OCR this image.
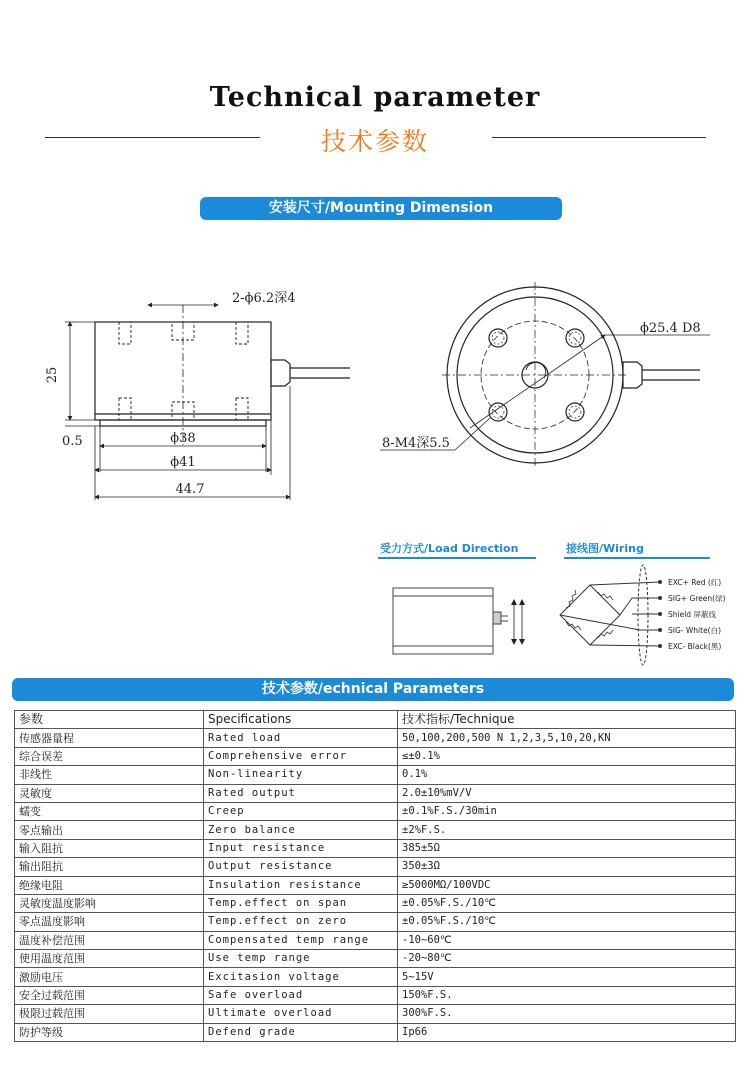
Technical parameter
技术参数
安装尺寸/Mounting Dimension
2-ϕ6.2深4
25
0.5	ϕ38
ϕ41
44.7
ϕ25.4 D8
8-M4深5.5
EXC+ Red (红)
SIG+ Green(绿)
Shield 屏蔽线
SIG- White(白)
EXC- Black(黑)
受力方式/Load Direction	接线图/Wiring
技术参数/echnical Parameters
参数	Specifications	技术指标/Technique
传感器量程	Rated load	50,100,200,500 N 1,2,3,5,10,20,KN
综合误差	Comprehensive error	≤±0.1%
非线性	Non-linearity	0.1%
灵敏度	Rated output	2.0±10%mV/V
蠕变	Creep	±0.1%F.S./30min
零点输出	Zero balance	±2%F.S.
输入阻抗	Input resistance	385±5Ω
输出阻抗	Output resistance	350±3Ω
绝缘电阻	Insulation resistance	≥5000MΩ/100VDC
灵敏度温度影响	Temp.effect on span	±0.05%F.S./10℃
零点温度影响	Temp.effect on zero	±0.05%F.S./10℃
温度补偿范围	Compensated temp range	-10~60℃
使用温度范围	Use temp range	-20~80℃
激励电压	Excitasion voltage	5~15V
安全过载范围	Safe overload	150%F.S.
极限过载范围	Ultimate overload	300%F.S.
防护等级	Defend grade	Ip66
